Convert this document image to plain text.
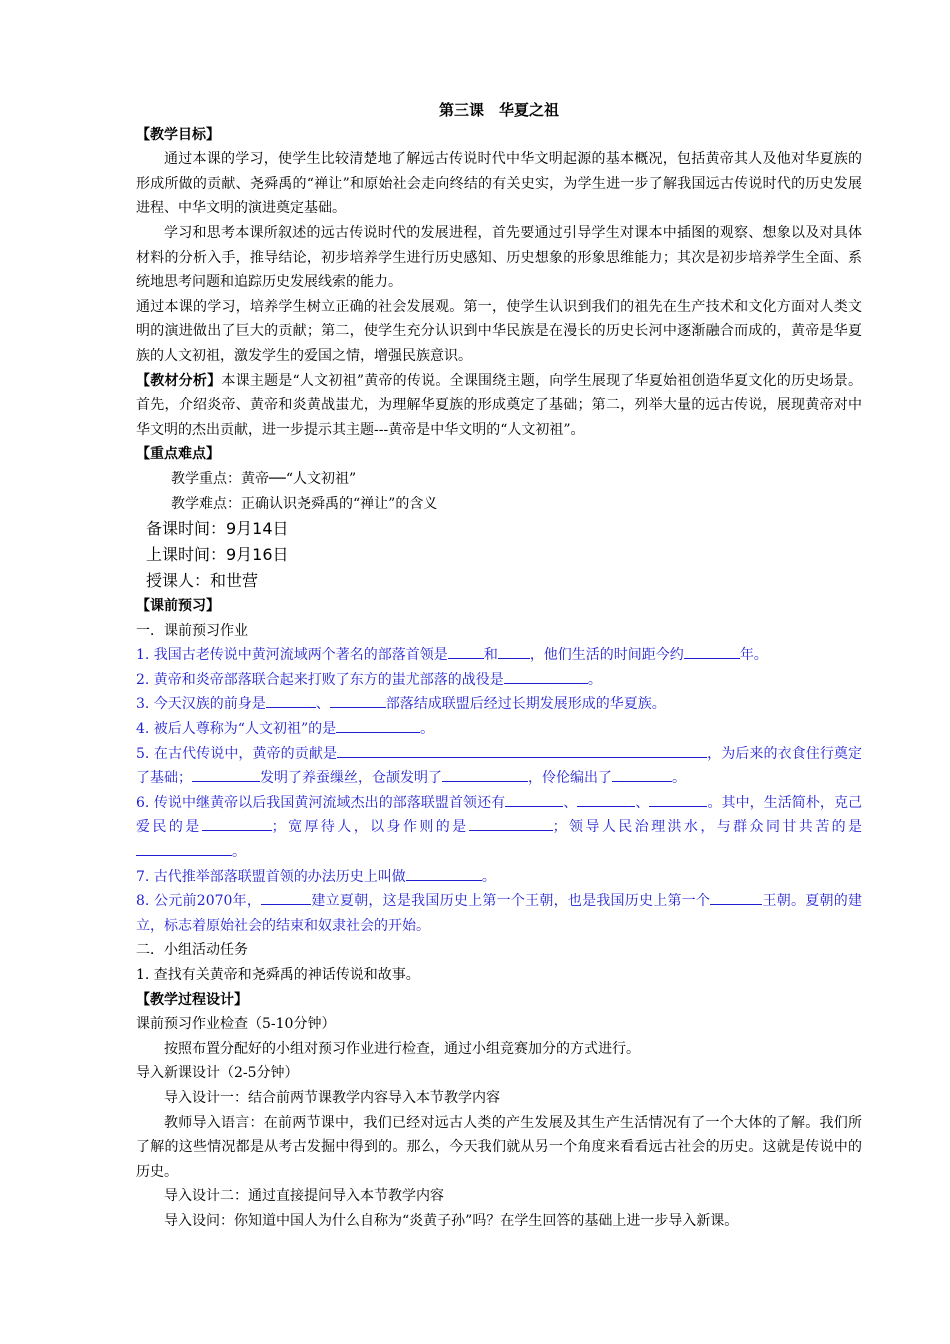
第三课　华夏之祖
【教学目标】

通过本课的学习，使学生比较清楚地了解远古传说时代中华文明起源的基本概况，包括黄帝其人及他对华夏族的形成所做的贡献、尧舜禹的“禅让”和原始社会走向终结的有关史实，为学生进一步了解我国远古传说时代的历史发展进程、中华文明的演进奠定基础。

学习和思考本课所叙述的远古传说时代的发展进程，首先要通过引导学生对课本中插图的观察、想象以及对具体材料的分析入手，推导结论，初步培养学生进行历史感知、历史想象的形象思维能力；其次是初步培养学生全面、系统地思考问题和追踪历史发展线索的能力。

通过本课的学习，培养学生树立正确的社会发展观。第一，使学生认识到我们的祖先在生产技术和文化方面对人类文明的演进做出了巨大的贡献；第二，使学生充分认识到中华民族是在漫长的历史长河中逐渐融合而成的，黄帝是华夏族的人文初祖，激发学生的爱国之情，增强民族意识。

【教材分析】本课主题是“人文初祖”黄帝的传说。全课围绕主题，向学生展现了华夏始祖创造华夏文化的历史场景。首先，介绍炎帝、黄帝和炎黄战蚩尤，为理解华夏族的形成奠定了基础；第二，列举大量的远古传说，展现黄帝对中华文明的杰出贡献，进一步提示其主题---黄帝是中华文明的“人文初祖”。

【重点难点】
教学重点：黄帝──“人文初祖”
教学难点：正确认识尧舜禹的“禅让”的含义
备课时间：9月14日
上课时间：9月16日
授课人：和世营
【课前预习】
一．课前预习作业

1. 我国古老传说中黄河流域两个著名的部落首领是	和 ，他们生活的时间距今约	年。

2. 黄帝和炎帝部落联合起来打败了东方的蚩尤部落的战役是	。

3. 今天汉族的前身是	、	部落结成联盟后经过长期发展形成的华夏族。

4. 被后人尊称为“人文初祖”的是	。

5. 在古代传说中，黄帝的贡献是	，为后来的衣食住行奠定了基础；	发明了养蚕缫丝，仓颉发明了	，伶伦编出了	。

6. 传说中继黄帝以后我国黄河流域杰出的部落联盟首领还有	、	、	。其中，生活简朴，克己爱民的是	；宽厚待人，以身作则的是	；领导人民治理洪水，与群众同甘共苦的是。

7. 古代推举部落联盟首领的办法历史上叫做	。

8. 公元前2070年，	建立夏朝，这是我国历史上第一个王朝，也是我国历史上第一个	王朝。夏朝的建立，标志着原始社会的结束和奴隶社会的开始。

二．小组活动任务
1. 查找有关黄帝和尧舜禹的神话传说和故事。
【教学过程设计】
课前预习作业检查（5-10分钟）

按照布置分配好的小组对预习作业进行检查，通过小组竞赛加分的方式进行。

导入新课设计（2-5分钟）

导入设计一：结合前两节课教学内容导入本节教学内容

教师导入语言：在前两节课中，我们已经对远古人类的产生发展及其生产生活情况有了一个大体的了解。我们所了解的这些情况都是从考古发掘中得到的。那么，今天我们就从另一个角度来看看远古社会的历史。这就是传说中的历史。

导入设计二：通过直接提问导入本节教学内容

导入设问：你知道中国人为什么自称为“炎黄子孙”吗？在学生回答的基础上进一步导入新课。
